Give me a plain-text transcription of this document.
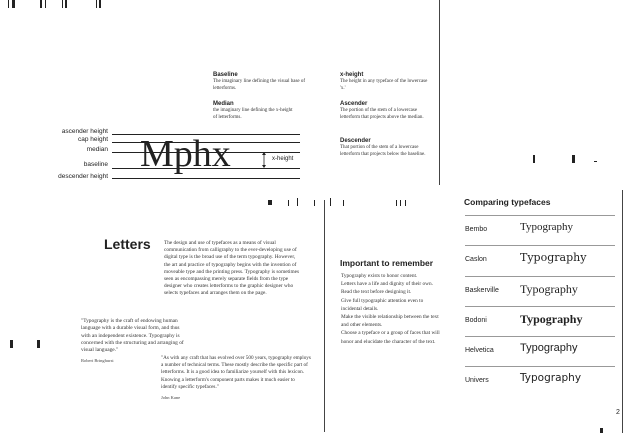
Baseline
The imaginary line defining the visual base of letterforms.
Median
the imaginary line defining the x-height of letterforms.
x-height
The height in any typeface of the lowercase 'x.'
Ascender
The portion of the stem of a lowercase letterform that projects above the median.
Descender
That portion of the stem of a lowercase letterform that projects below the baseline.
ascender height
cap height
median
baseline
descender height
Mphx	x-height
Letters	The design and use of typefaces as a means of visual communication from calligraphy to the ever-developing use of digital type is the broad use of the term typography. However, the art and practice of typography begins with the invention of moveable type and the printing press. Typography is sometimes seen as encompassing merely separate fields from the type designer who creates letterforms to the graphic designer who selects typefaces and arranges them on the page.
"Typography is the craft of endowing human language with a durable visual form, and thus with an independent existence. Typography is concerned with the structuring and arranging of visual language."
Robert Bringhurst	"As with any craft that has evolved over 500 years, typography employs a number of technical terms. These mostly describe the specific part of letterforms. It is a good idea to familiarize yourself with this lexicon. Knowing a letterform's component parts makes it much easier to identify specific typefaces."
John Kane
Important to remember
Typography exists to honor content.
Letters have a life and dignity of their own.
Read the text before designing it.
Give full typographic attention even to incidental details.
Make the visible relationship between the text and other elements.
Choose a typeface or a group of faces that will honor and elucidate the character of the text.
Comparing typefaces
Bembo	Typography
Caslon	Typography
Baskerville Typography
Bodoni	Typography
Helvetica Typography
Univers	Typography
2
